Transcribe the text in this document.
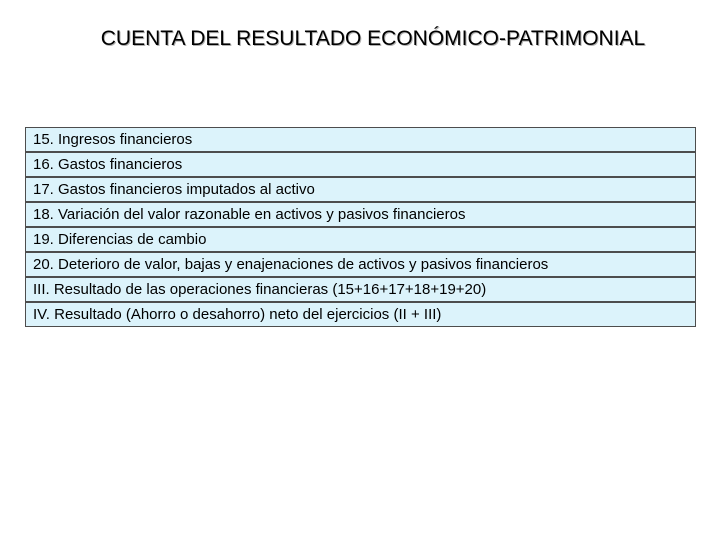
CUENTA DEL RESULTADO ECONÓMICO-PATRIMONIAL
15. Ingresos financieros
16. Gastos financieros
17. Gastos financieros imputados al activo
18. Variación del valor razonable en activos y pasivos financieros
19. Diferencias de cambio
20. Deterioro de valor, bajas y enajenaciones de activos y pasivos financieros
III. Resultado de las operaciones financieras (15+16+17+18+19+20)
IV. Resultado (Ahorro o desahorro) neto del ejercicios (II + III)
